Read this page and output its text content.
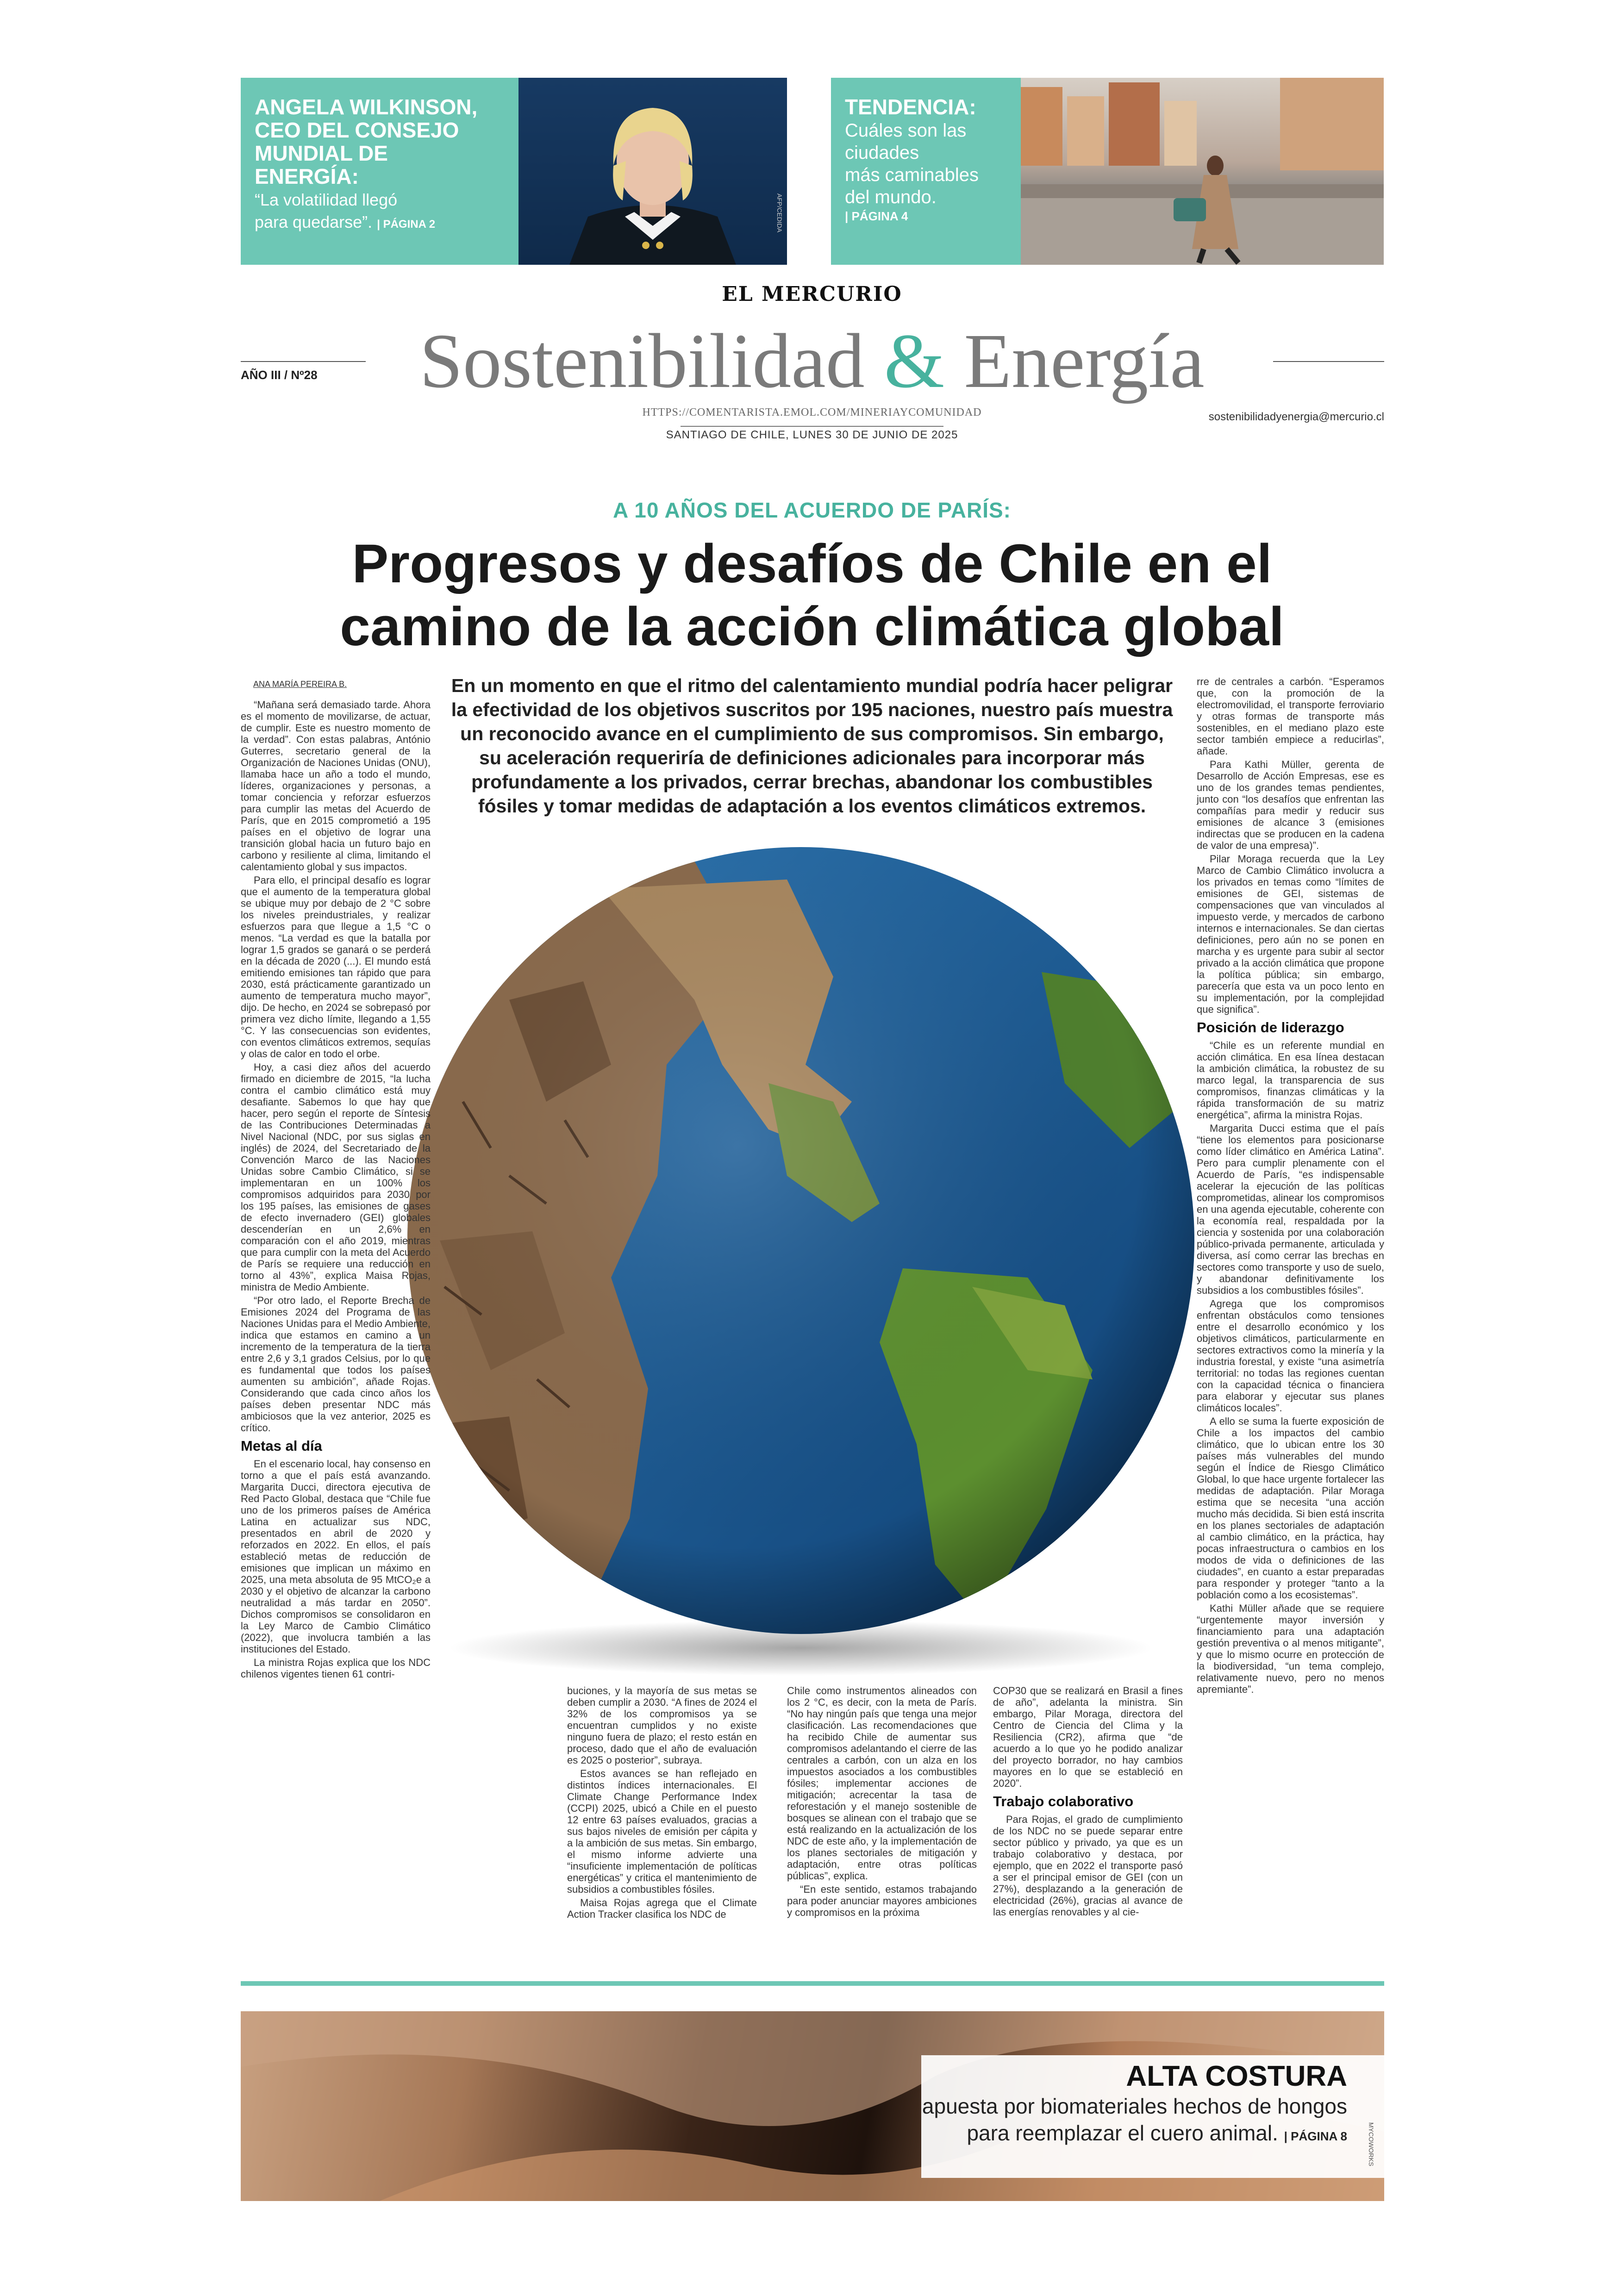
ANGELA WILKINSON,
CEO DEL CONSEJO
MUNDIAL DE
ENERGÍA:
“La volatilidad llegó
para quedarse”. | PÁGINA 2	AFP/CEDIDA
TENDENCIA:
Cuáles son las
ciudades
más caminables
del mundo.
| PÁGINA 4
EL MERCURIO
AÑO III / Nº28	Sostenibilidad & Energía
HTTPS://COMENTARISTA.EMOL.COM/MINERIAYCOMUNIDAD
SANTIAGO DE CHILE, LUNES 30 DE JUNIO DE 2025
sostenibilidadyenergia@mercurio.cl
A 10 AÑOS DEL ACUERDO DE PARÍS:
Progresos y desafíos de Chile en el
camino de la acción climática global
ANA MARÍA PEREIRA B.	En un momento en que el ritmo del calentamiento mundial podría hacer peligrar la efectividad de los objetivos suscritos por 195 naciones, nuestro país muestra un reconocido avance en el cumplimiento de sus compromisos. Sin embargo, su aceleración requeriría de definiciones adicionales para incorporar más profundamente a los privados, cerrar brechas, abandonar los combustibles fósiles y tomar medidas de adaptación a los eventos climáticos extremos.

“Mañana será demasiado tarde. Ahora es el momento de movilizarse, de actuar, de cumplir. Este es nuestro momento de la verdad”. Con estas palabras, António Guterres, secretario general de la Organización de Naciones Unidas (ONU), llamaba hace un año a todo el mundo, líderes, organizaciones y personas, a tomar conciencia y reforzar esfuerzos para cumplir las metas del Acuerdo de París, que en 2015 comprometió a 195 países en el objetivo de lograr una transición global hacia un futuro bajo en carbono y resiliente al clima, limitando el calentamiento global y sus impactos.

Para ello, el principal desafío es lograr que el aumento de la temperatura global se ubique muy por debajo de 2 °C sobre los niveles preindustriales, y realizar esfuerzos para que llegue a 1,5 °C o menos. “La verdad es que la batalla por lograr 1,5 grados se ganará o se perderá en la década de 2020 (...). El mundo está emitiendo emisiones tan rápido que para 2030, está prácticamente garantizado un aumento de temperatura mucho mayor”, dijo. De hecho, en 2024 se sobrepasó por primera vez dicho límite, llegando a 1,55 °C. Y las consecuencias son evidentes, con eventos climáticos extremos, sequías y olas de calor en todo el orbe.

Hoy, a casi diez años del acuerdo firmado en diciembre de 2015, “la lucha contra el cambio climático está muy desafiante. Sabemos lo que hay que hacer, pero según el reporte de Síntesis de las Contribuciones Determinadas a Nivel Nacional (NDC, por sus siglas en inglés) de 2024, del Secretariado de la Convención Marco de las Naciones Unidas sobre Cambio Climático, si se implementaran en un 100% los compromisos adquiridos para 2030 por los 195 países, las emisiones de gases de efecto invernadero (GEI) globales descenderían en un 2,6% en comparación con el año 2019, mientras que para cumplir con la meta del Acuerdo de París se requiere una reducción en torno al 43%”, explica Maisa Rojas, ministra de Medio Ambiente.

“Por otro lado, el Reporte Brecha de Emisiones 2024 del Programa de las Naciones Unidas para el Medio Ambiente, indica que estamos en camino a un incremento de la temperatura de la tierra entre 2,6 y 3,1 grados Celsius, por lo que es fundamental que todos los países aumenten su ambición”, añade Rojas. Considerando que cada cinco años los países deben presentar NDC más ambiciosos que la vez anterior, 2025 es crítico.

Metas al día

En el escenario local, hay consenso en torno a que el país está avanzando. Margarita Ducci, directora ejecutiva de Red Pacto Global, destaca que “Chile fue uno de los primeros países de América Latina en actualizar sus NDC, presentados en abril de 2020 y reforzados en 2022. En ellos, el país estableció metas de reducción de emisiones que implican un máximo en 2025, una meta absoluta de 95 MtCO₂e a 2030 y el objetivo de alcanzar la carbono neutralidad a más tardar en 2050”. Dichos compromisos se consolidaron en la Ley Marco de Cambio Climático (2022), que involucra también a las instituciones del Estado.

La ministra Rojas explica que los NDC chilenos vigentes tienen 61 contri-

buciones, y la mayoría de sus metas se deben cumplir a 2030. “A fines de 2024 el 32% de los compromisos ya se encuentran cumplidos y no existe ninguno fuera de plazo; el resto están en proceso, dado que el año de evaluación es 2025 o posterior”, subraya.

Estos avances se han reflejado en distintos índices internacionales. El Climate Change Performance Index (CCPI) 2025, ubicó a Chile en el puesto 12 entre 63 países evaluados, gracias a sus bajos niveles de emisión per cápita y a la ambición de sus metas. Sin embargo, el mismo informe advierte una “insuficiente implementación de políticas energéticas” y critica el mantenimiento de subsidios a combustibles fósiles.

Maisa Rojas agrega que el Climate Action Tracker clasifica los NDC de

Chile como instrumentos alineados con los 2 °C, es decir, con la meta de París. “No hay ningún país que tenga una mejor clasificación. Las recomendaciones que ha recibido Chile de aumentar sus compromisos adelantando el cierre de las centrales a carbón, con un alza en los impuestos asociados a los combustibles fósiles; implementar acciones de mitigación; acrecentar la tasa de reforestación y el manejo sostenible de bosques se alinean con el trabajo que se está realizando en la actualización de los NDC de este año, y la implementación de los planes sectoriales de mitigación y adaptación, entre otras políticas públicas”, explica.

“En este sentido, estamos trabajando para poder anunciar mayores ambiciones y compromisos en la próxima

COP30 que se realizará en Brasil a fines de año”, adelanta la ministra. Sin embargo, Pilar Moraga, directora del Centro de Ciencia del Clima y la Resiliencia (CR2), afirma que “de acuerdo a lo que yo he podido analizar del proyecto borrador, no hay cambios mayores en lo que se estableció en 2020”.

Trabajo colaborativo

Para Rojas, el grado de cumplimiento de los NDC no se puede separar entre sector público y privado, ya que es un trabajo colaborativo y destaca, por ejemplo, que en 2022 el transporte pasó a ser el principal emisor de GEI (con un 27%), desplazando a la generación de electricidad (26%), gracias al avance de las energías renovables y al cie-

rre de centrales a carbón. “Esperamos que, con la promoción de la electromovilidad, el transporte ferroviario y otras formas de transporte más sostenibles, en el mediano plazo este sector también empiece a reducirlas”, añade.

Para Kathi Müller, gerenta de Desarrollo de Acción Empresas, ese es uno de los grandes temas pendientes, junto con “los desafíos que enfrentan las compañías para medir y reducir sus emisiones de alcance 3 (emisiones indirectas que se producen en la cadena de valor de una empresa)”.

Pilar Moraga recuerda que la Ley Marco de Cambio Climático involucra a los privados en temas como “límites de emisiones de GEI, sistemas de compensaciones que van vinculados al impuesto verde, y mercados de carbono internos e internacionales. Se dan ciertas definiciones, pero aún no se ponen en marcha y es urgente para subir al sector privado a la acción climática que propone la política pública; sin embargo, parecería que esta va un poco lento en su implementación, por la complejidad que significa”.

Posición de liderazgo

“Chile es un referente mundial en acción climática. En esa línea destacan la ambición climática, la robustez de su marco legal, la transparencia de sus compromisos, finanzas climáticas y la rápida transformación de su matriz energética”, afirma la ministra Rojas.

Margarita Ducci estima que el país “tiene los elementos para posicionarse como líder climático en América Latina”. Pero para cumplir plenamente con el Acuerdo de París, “es indispensable acelerar la ejecución de las políticas comprometidas, alinear los compromisos en una agenda ejecutable, coherente con la economía real, respaldada por la ciencia y sostenida por una colaboración público-privada permanente, articulada y diversa, así como cerrar las brechas en sectores como transporte y uso de suelo, y abandonar definitivamente los subsidios a los combustibles fósiles”.

Agrega que los compromisos enfrentan obstáculos como tensiones entre el desarrollo económico y los objetivos climáticos, particularmente en sectores extractivos como la minería y la industria forestal, y existe “una asimetría territorial: no todas las regiones cuentan con la capacidad técnica o financiera para elaborar y ejecutar sus planes climáticos locales”.

A ello se suma la fuerte exposición de Chile a los impactos del cambio climático, que lo ubican entre los 30 países más vulnerables del mundo según el Índice de Riesgo Climático Global, lo que hace urgente fortalecer las medidas de adaptación. Pilar Moraga estima que se necesita “una acción mucho más decidida. Si bien está inscrita en los planes sectoriales de adaptación al cambio climático, en la práctica, hay pocas infraestructura o cambios en los modos de vida o definiciones de las ciudades”, en cuanto a estar preparadas para responder y proteger “tanto a la población como a los ecosistemas”.

Kathi Müller añade que se requiere “urgentemente mayor inversión y financiamiento para una adaptación gestión preventiva o al menos mitigante”, y que lo mismo ocurre en protección de la biodiversidad, “un tema complejo, relativamente nuevo, pero no menos apremiante”.

ALTA COSTURA
apuesta por biomateriales hechos de hongos
para reemplazar el cuero animal. | PÁGINA 8	MYCOWORKS
